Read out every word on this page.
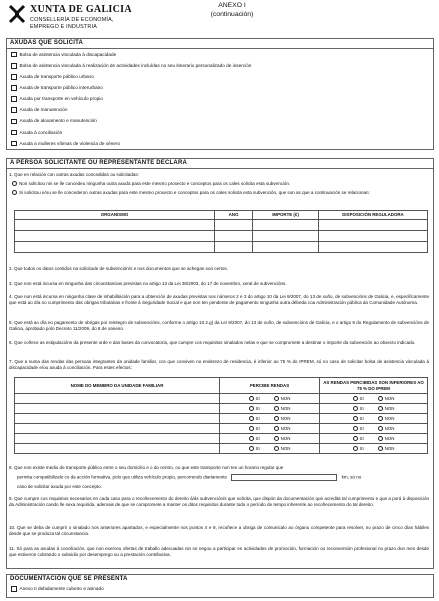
XUNTA DE GALICIA
CONSELLERÍA DE ECONOMÍA,
EMPREGO E INDUSTRIA
ANEXO I
(continuación)
AXUDAS QUE SOLICITA
Bolsa de asistencia vinculada á discapacidade
Bolsa de asistencia vinculada á realización de actividades incluídas no seu itinerario personalizado de inserción
Axuda de transporte público urbano
Axuda de transporte público interurbano
Axuda por transporte en vehículo propio
Axuda de manutención
Axuda de aloxamento e manutención
Axuda á conciliación
Axuda a mulleres vítimas de violencia de xénero
A PERSOA SOLICITANTE OU REPRESENTANTE DECLARA
1. Que en relación con outras axudas concedidas ou solicitadas:
Non solicitou nin se lle concedeu ningunha outra axuda para este mesmo proxecto e conceptos para os cales solicita esta subvención.
Si solicitou e/ou se lle concederon outras axudas para este mesmo proxecto e conceptos para os cales solicita esta subvención, que son as que a continuación se relacionan:
ORGANISMO	ANO	IMPORTE (€)	DISPOSICIÓN REGULADORA

2. Que todos os datos contidos na solicitude de subvención/s e nos documentos que se achegan son certos.
3. Que non está incursa en ningunha das circunstancias previstas no artigo 13 da Lei 38/2003, do 17 de novembro, xeral de subvencións.
4. Que non está incursa en ningunha clase de inhabilitación para a obtención de axudas previstas nos números 2 e 3 do artigo 10 da Lei 9/2007, do 13 de xuño, de subvencións de Galicia, e, especificamente que está ao día no cumprimento das obrigas tributarias e fronte á Seguridade Social e que non ten pendente de pagamento ningunha outra débeda coa Administración pública da Comunidade Autónoma.
5. Que está ao día no pagamento de obrigas por reintegro de subvencións, conforme o artigo 10.2.g) da Lei 9/2007, do 13 de xuño, de subvencións de Galicia, e o artigo 9 do Regulamento de subvencións de Galicia, aprobado polo Decreto 11/2009, do 8 de xaneiro.
6. Que coñece as estipulacións da presente orde e das bases da convocatoria, que cumpre cos requisitos sinalados nelas e que se compromete a destinar o importe da subvención ao obxecto indicado.
7. Que a suma das rendas das persoas integrantes da unidade familiar, cos que conviven no enderezo de residencia, é inferior ao 75 % do IPREM, só no caso de solicitar bolsa de asistencia vinculada á discapacidade e/ou axuda á conciliación. Para estes efectos:
NOME DO MEMBRO DA UNIDADE FAMILIAR	PERCIBE RENDAS	AS RENDAS PERCIBIDAS SON INFERIORES AO 75 % DO IPREM
	SI NON	SI NON
	SI NON	SI NON
	SI NON	SI NON
	SI NON	SI NON
	SI NON	SI NON
	SI NON	SI NON
8. Que non existe medio de transporte público entre o seu domicilio e o do centro, ou que este transporte non ten un horario regular que
permita compatibilizalo co da acción formativa, polo que utiliza vehículo propio, percorrendo diariamente	km, só no
caso de solicitar axuda por este concepto.
9. Que cumpre cos requisitos necesarios en cada caso para o recoñecemento do dereito á/ás subvención/s que solicita, que dispón da documentación que acredita tal cumprimento e que a porá á disposición da Administración cando lle sexa requirida, ademais de que se compromete a manter os ditos requisitos durante todo o período de tempo inherente ao recoñecemento do tal dereito.
10. Que se deba de cumprir o sinalado nos anteriores apartados, e especialmente nos puntos 4 e 9, recoñece a obriga de comunicalo ao órgano competente para resolver, no prazo de cinco días hábiles desde que se produza tal circunstancia.
11. Só para as axudas á conciliación, que non exerceu ofertas de traballo adecuadas nin se negou a participar en actividades de promoción, formación ou reconversión profesional no prazo dun mes desde que estiveron cobrando o subsidio por desemprego ou a prestación contributiva.
DOCUMENTACIÓN QUE SE PRESENTA
Anexo II debidamente cuberto e asinado
